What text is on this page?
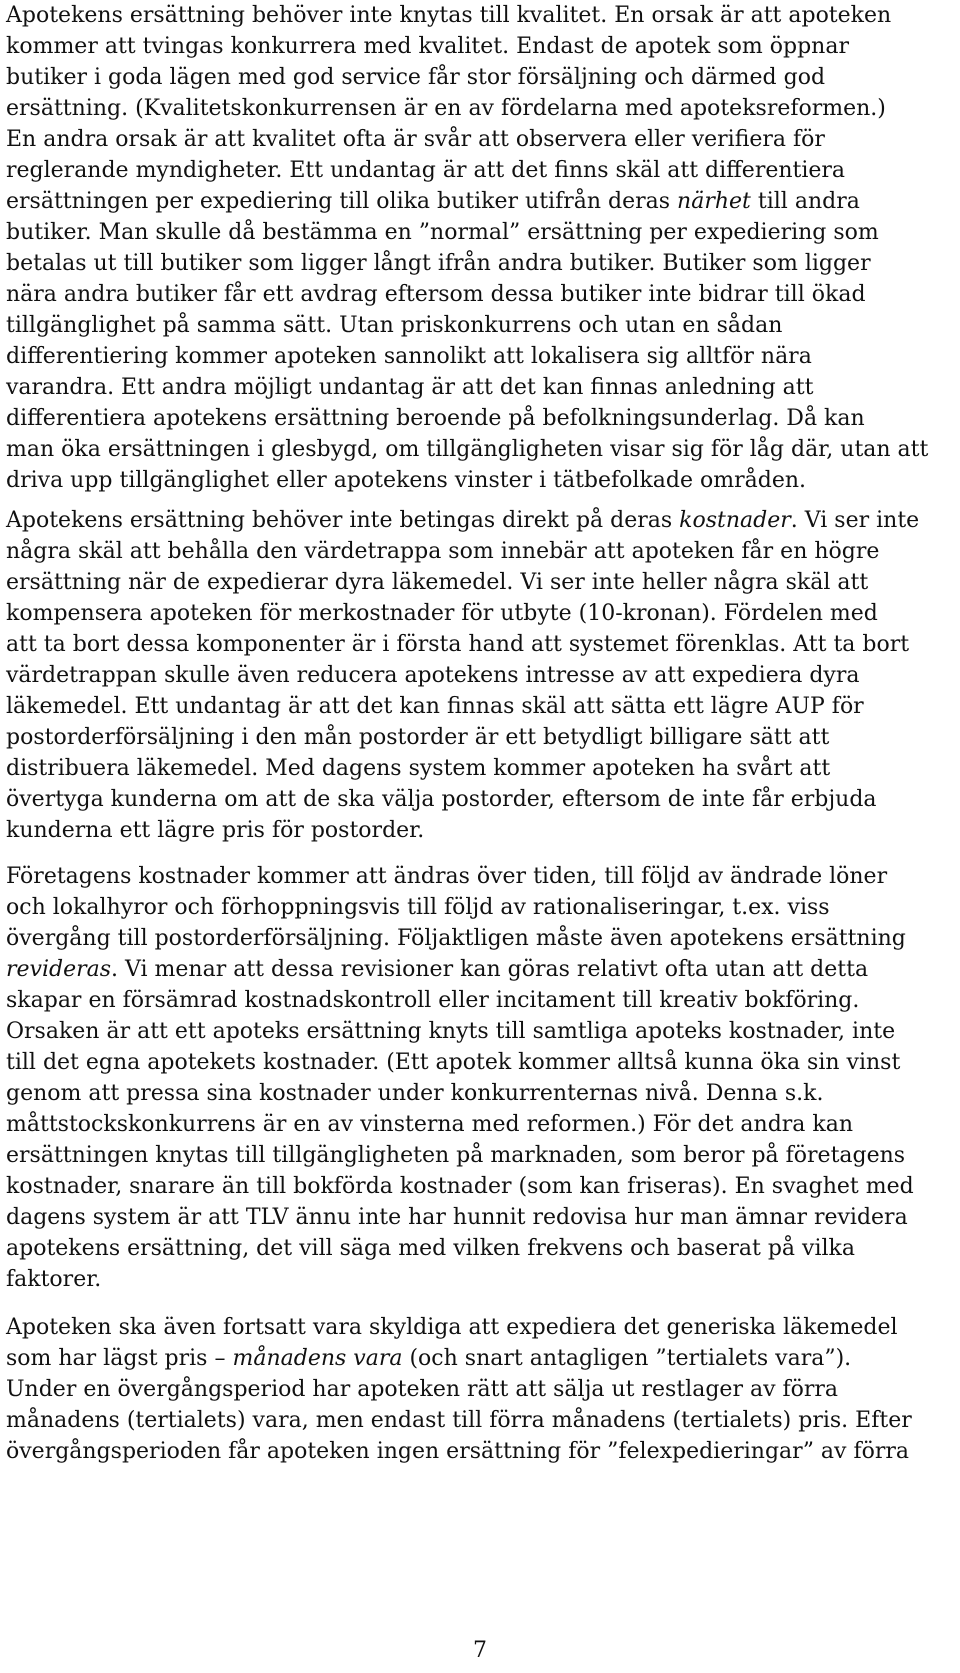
Apotekens ersättning behöver inte knytas till kvalitet. En orsak är att apoteken
kommer att tvingas konkurrera med kvalitet. Endast de apotek som öppnar
butiker i goda lägen med god service får stor försäljning och därmed god
ersättning. (Kvalitetskonkurrensen är en av fördelarna med apoteksreformen.)
En andra orsak är att kvalitet ofta är svår att observera eller verifiera för
reglerande myndigheter. Ett undantag är att det finns skäl att differentiera
ersättningen per expediering till olika butiker utifrån deras närhet till andra
butiker. Man skulle då bestämma en ”normal” ersättning per expediering som
betalas ut till butiker som ligger långt ifrån andra butiker. Butiker som ligger
nära andra butiker får ett avdrag eftersom dessa butiker inte bidrar till ökad
tillgänglighet på samma sätt. Utan priskonkurrens och utan en sådan
differentiering kommer apoteken sannolikt att lokalisera sig alltför nära
varandra. Ett andra möjligt undantag är att det kan finnas anledning att
differentiera apotekens ersättning beroende på befolkningsunderlag. Då kan
man öka ersättningen i glesbygd, om tillgängligheten visar sig för låg där, utan att
driva upp tillgänglighet eller apotekens vinster i tätbefolkade områden.
Apotekens ersättning behöver inte betingas direkt på deras kostnader. Vi ser inte
några skäl att behålla den värdetrappa som innebär att apoteken får en högre
ersättning när de expedierar dyra läkemedel. Vi ser inte heller några skäl att
kompensera apoteken för merkostnader för utbyte (10-kronan). Fördelen med
att ta bort dessa komponenter är i första hand att systemet förenklas. Att ta bort
värdetrappan skulle även reducera apotekens intresse av att expediera dyra
läkemedel. Ett undantag är att det kan finnas skäl att sätta ett lägre AUP för
postorderförsäljning i den mån postorder är ett betydligt billigare sätt att
distribuera läkemedel. Med dagens system kommer apoteken ha svårt att
övertyga kunderna om att de ska välja postorder, eftersom de inte får erbjuda
kunderna ett lägre pris för postorder.
Företagens kostnader kommer att ändras över tiden, till följd av ändrade löner
och lokalhyror och förhoppningsvis till följd av rationaliseringar, t.ex. viss
övergång till postorderförsäljning. Följaktligen måste även apotekens ersättning
revideras. Vi menar att dessa revisioner kan göras relativt ofta utan att detta
skapar en försämrad kostnadskontroll eller incitament till kreativ bokföring.
Orsaken är att ett apoteks ersättning knyts till samtliga apoteks kostnader, inte
till det egna apotekets kostnader. (Ett apotek kommer alltså kunna öka sin vinst
genom att pressa sina kostnader under konkurrenternas nivå. Denna s.k.
måttstockskonkurrens är en av vinsterna med reformen.) För det andra kan
ersättningen knytas till tillgängligheten på marknaden, som beror på företagens
kostnader, snarare än till bokförda kostnader (som kan friseras). En svaghet med
dagens system är att TLV ännu inte har hunnit redovisa hur man ämnar revidera
apotekens ersättning, det vill säga med vilken frekvens och baserat på vilka
faktorer.
Apoteken ska även fortsatt vara skyldiga att expediera det generiska läkemedel
som har lägst pris – månadens vara (och snart antagligen ”tertialets vara”).
Under en övergångsperiod har apoteken rätt att sälja ut restlager av förra
månadens (tertialets) vara, men endast till förra månadens (tertialets) pris. Efter
övergångsperioden får apoteken ingen ersättning för ”felexpedieringar” av förra
7
